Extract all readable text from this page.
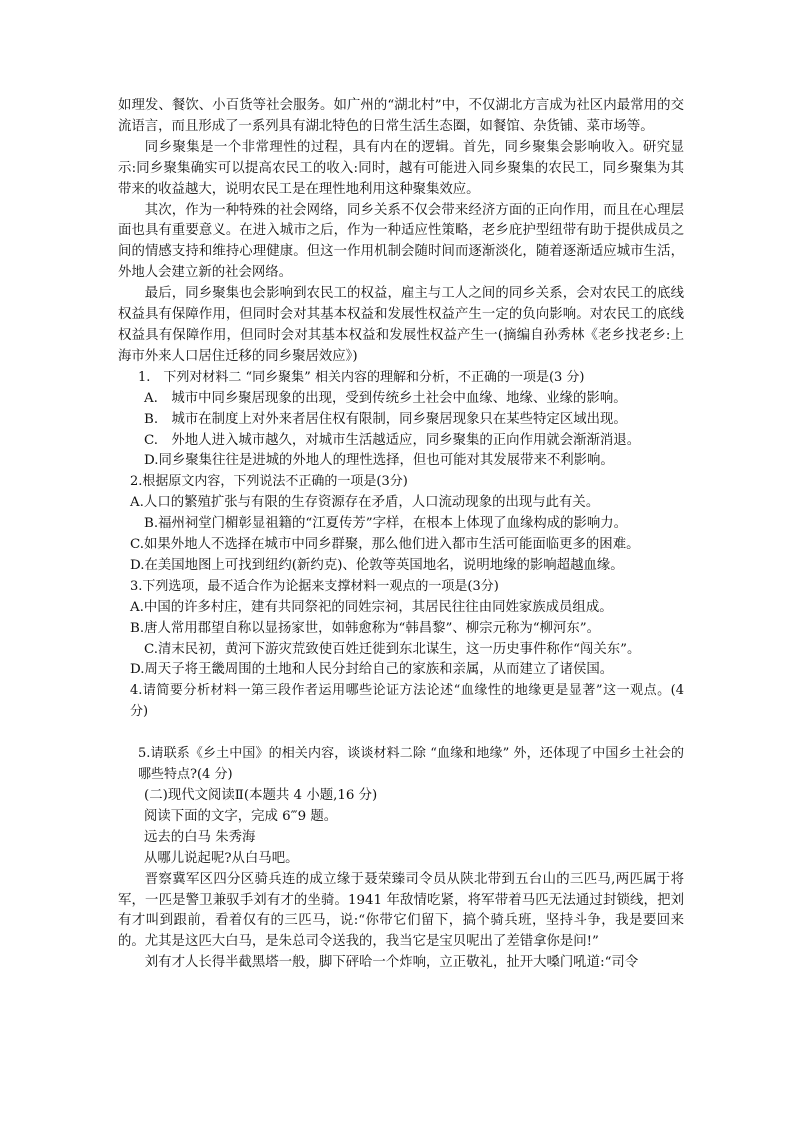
如理发、餐饮、小百货等社会服务。如广州的“湖北村”中，不仅湖北方言成为社区内最常用的交流语言，而且形成了一系列具有湖北特色的日常生活生态圈，如餐馆、杂货铺、菜市场等。

同乡聚集是一个非常理性的过程，具有内在的逻辑。首先，同乡聚集会影响收入。研究显示:同乡聚集确实可以提高农民工的收入:同时，越有可能进入同乡聚集的农民工，同乡聚集为其带来的收益越大，说明农民工是在理性地利用这种聚集效应。

其次，作为一种特殊的社会网络，同乡关系不仅会带来经济方面的正向作用，而且在心理层面也具有重要意义。在进入城市之后，作为一种适应性策略，老乡庇护型纽带有助于提供成员之间的情感支持和维持心理健康。但这一作用机制会随时间而逐渐淡化，随着逐渐适应城市生活，外地人会建立新的社会网络。

最后，同乡聚集也会影响到农民工的权益，雇主与工人之间的同乡关系，会对农民工的底线权益具有保障作用，但同时会对其基本权益和发展性权益产生一定的负向影响。对农民工的底线权益具有保障作用，但同时会对其基本权益和发展性权益产生一(摘编自孙秀林《老乡找老乡:上海市外来人口居住迁移的同乡聚居效应》)

1.　下列对材料二 “同乡聚集” 相关内容的理解和分析，不正确的一项是(3 分)

A.　城市中同乡聚居现象的出现，受到传统乡土社会中血缘、地缘、业缘的影响。

B.　城市在制度上对外来者居住权有限制，同乡聚居现象只在某些特定区域出现。

C.　外地人进入城市越久，对城市生活越适应，同乡聚集的正向作用就会渐渐消退。

D.同乡聚集往往是进城的外地人的理性选择，但也可能对其发展带来不利影响。

2.根据原文内容，下列说法不正确的一项是(3分)

A.人口的繁殖扩张与有限的生存资源存在矛盾，人口流动现象的出现与此有关。

B.福州祠堂门楣彰显祖籍的“江夏传芳”字样，在根本上体现了血缘构成的影响力。

C.如果外地人不选择在城市中同乡群聚，那么他们进入都市生活可能面临更多的困难。

D.在美国地图上可找到纽约(新约克)、伦敦等英国地名，说明地缘的影响超越血缘。

3.下列选项，最不适合作为论据来支撑材料一观点的一项是(3分)

A.中国的许多村庄，建有共同祭祀的同姓宗祠，其居民往往由同姓家族成员组成。

B.唐人常用郡望自称以显扬家世，如韩愈称为“韩昌黎”、柳宗元称为“柳河东”。

C.清末民初，黄河下游灾荒致使百姓迁徙到东北谋生，这一历史事件称作“闯关东”。

D.周天子将王畿周围的土地和人民分封给自己的家族和亲属，从而建立了诸侯国。

4.请简要分析材料一第三段作者运用哪些论证方法论述“血缘性的地缘更是显著”这一观点。(4 分)

5.请联系《乡土中国》的相关内容，谈谈材料二除 “血缘和地缘” 外，还体现了中国乡土社会的哪些特点?(4 分)

(二)现代文阅读Ⅱ(本题共 4 小题,16 分)

阅读下面的文字，完成 6‴9 题。

远去的白马 朱秀海

从哪儿说起呢?从白马吧。

晋察冀军区四分区骑兵连的成立缘于聂荣臻司令员从陕北带到五台山的三匹马,两匹属于将军，一匹是警卫兼驭手刘有才的坐骑。1941 年敌情吃紧，将军带着马匹无法通过封锁线，把刘有才叫到跟前，看着仅有的三匹马，说:“你带它们留下，搞个骑兵班，坚持斗争，我是要回来的。尤其是这匹大白马，是朱总司令送我的，我当它是宝贝呢出了差错拿你是问!”

刘有才人长得半截黑塔一般，脚下砰哈一个炸响，立正敬礼，扯开大嗓门吼道:“司令
